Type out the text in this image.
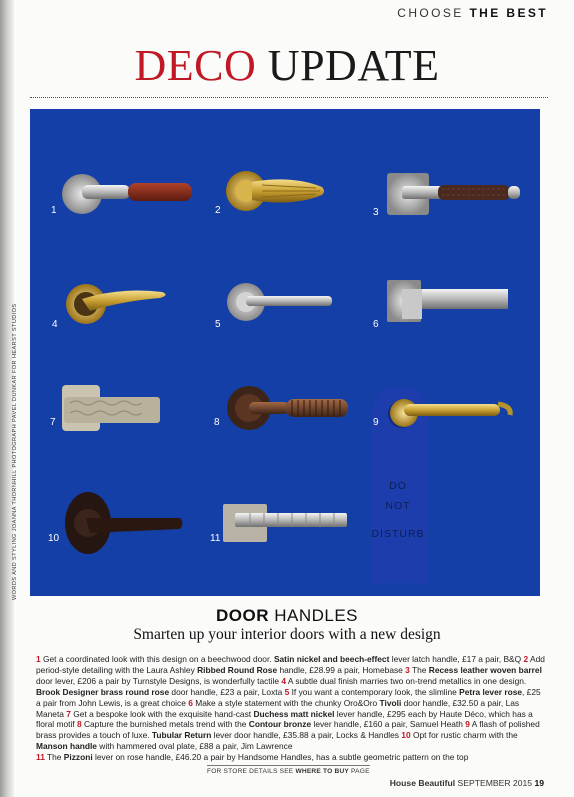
CHOOSE THE BEST
DECO UPDATE
1	2	3
4	5	6
7	8
DO
NOT
DISTURB
9
10	11
WORDS AND STYLING JOANNA THORNHILL PHOTOGRAPH PAVEL DUNKAR FOR HEARST STUDIOS
DOOR HANDLES
Smarten up your interior doors with a new design
1 Get a coordinated look with this design on a beechwood door. Satin nickel and beech-effect lever latch handle, £17 a pair, B&Q 2 Add period-style detailing with the Laura Ashley Ribbed Round Rose handle, £28.99 a pair, Homebase 3 The Recess leather woven barrel door lever, £206 a pair by Turnstyle Designs, is wonderfully tactile 4 A subtle dual finish marries two on-trend metallics in one design. Brook Designer brass round rose door handle, £23 a pair, Loxta 5 If you want a contemporary look, the slimline Petra lever rose, £25 a pair from John Lewis, is a great choice 6 Make a style statement with the chunky Oro&Oro Tivoli door handle, £32.50 a pair, Las Maneta 7 Get a bespoke look with the exquisite hand-cast Duchess matt nickel lever handle, £295 each by Haute Déco, which has a floral motif 8 Capture the burnished metals trend with the Contour bronze lever handle, £160 a pair, Samuel Heath 9 A flash of polished brass provides a touch of luxe. Tubular Return lever door handle, £35.88 a pair, Locks & Handles 10 Opt for rustic charm with the Manson handle with hammered oval plate, £88 a pair, Jim Lawrence
11 The Pizzoni lever on rose handle, £46.20 a pair by Handsome Handles, has a subtle geometric pattern on the top
FOR STORE DETAILS SEE WHERE TO BUY PAGE
House Beautiful SEPTEMBER 2015 19
